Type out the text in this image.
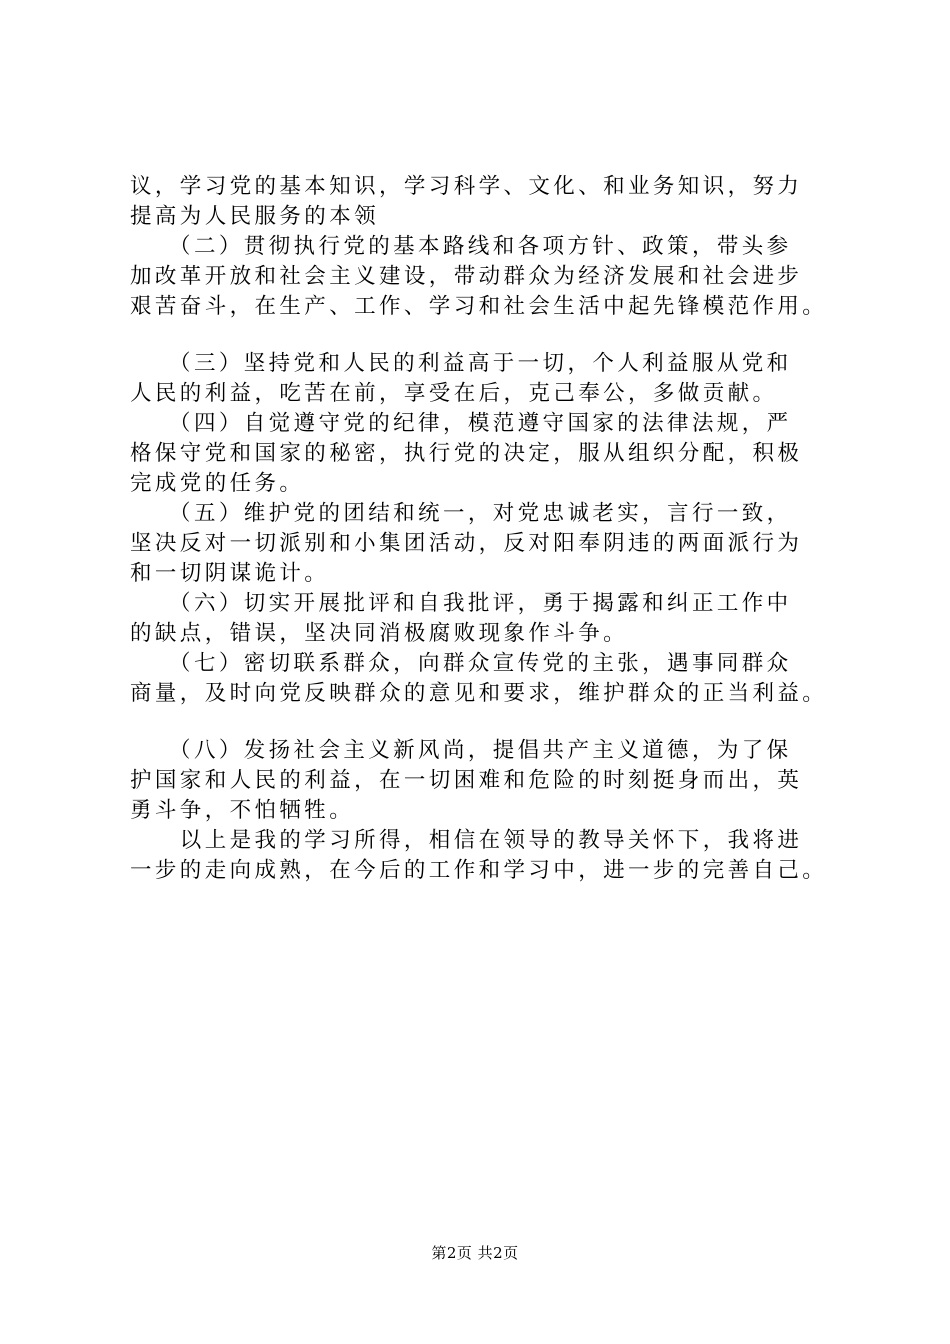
议，学习党的基本知识，学习科学、文化、和业务知识，努力
提高为人民服务的本领
　　（二）贯彻执行党的基本路线和各项方针、政策，带头参
加改革开放和社会主义建设，带动群众为经济发展和社会进步
艰苦奋斗，在生产、工作、学习和社会生活中起先锋模范作用。
　　（三）坚持党和人民的利益高于一切，个人利益服从党和
人民的利益，吃苦在前，享受在后，克己奉公，多做贡献。
　　（四）自觉遵守党的纪律，模范遵守国家的法律法规，严
格保守党和国家的秘密，执行党的决定，服从组织分配，积极
完成党的任务。
　　（五）维护党的团结和统一，对党忠诚老实，言行一致，
坚决反对一切派别和小集团活动，反对阳奉阴违的两面派行为
和一切阴谋诡计。
　　（六）切实开展批评和自我批评，勇于揭露和纠正工作中
的缺点，错误，坚决同消极腐败现象作斗争。
　　（七）密切联系群众，向群众宣传党的主张，遇事同群众
商量，及时向党反映群众的意见和要求，维护群众的正当利益。
　　（八）发扬社会主义新风尚，提倡共产主义道德，为了保
护国家和人民的利益，在一切困难和危险的时刻挺身而出，英
勇斗争，不怕牺牲。
　　以上是我的学习所得，相信在领导的教导关怀下，我将进
一步的走向成熟，在今后的工作和学习中，进一步的完善自己。
第2页 共2页
